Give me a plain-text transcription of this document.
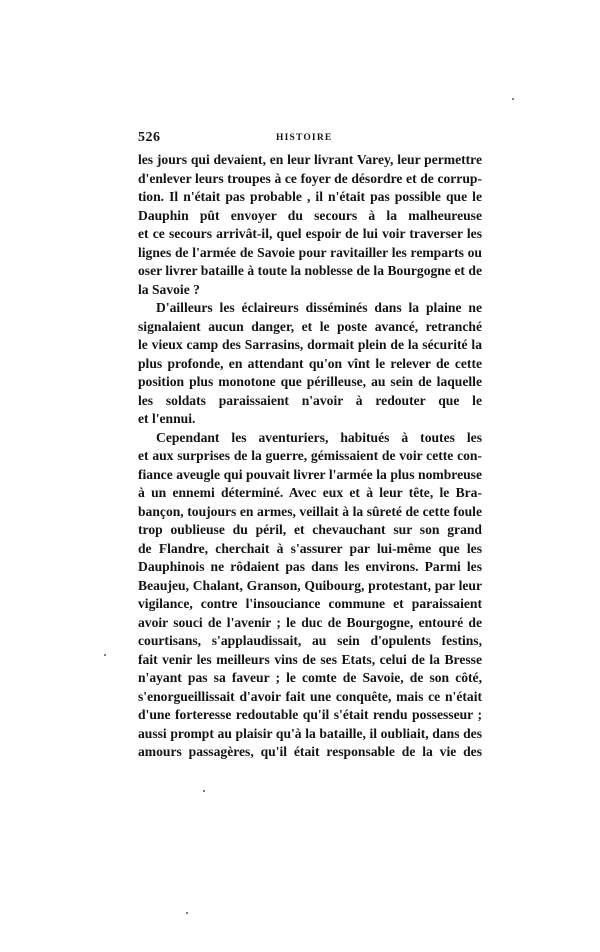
526	HISTOIRE
les jours qui devaient, en leur livrant Varey, leur permettre
d'enlever leurs troupes à ce foyer de désordre et de corrup-
tion. Il n'était pas probable , il n'était pas possible que le
Dauphin pût envoyer du secours à la malheureuse
et ce secours arrivât-il, quel espoir de lui voir traverser les
lignes de l'armée de Savoie pour ravitailler les remparts ou
oser livrer bataille à toute la noblesse de la Bourgogne et de
la Savoie ?
D'ailleurs les éclaireurs disséminés dans la plaine ne
signalaient aucun danger, et le poste avancé, retranché
le vieux camp des Sarrasins, dormait plein de la sécurité la
plus profonde, en attendant qu'on vînt le relever de cette
position plus monotone que périlleuse, au sein de laquelle
les soldats paraissaient n'avoir à redouter que le
et l'ennui.
Cependant les aventuriers, habitués à toutes les
et aux surprises de la guerre, gémissaient de voir cette con-
fiance aveugle qui pouvait livrer l'armée la plus nombreuse
à un ennemi déterminé. Avec eux et à leur tête, le Bra-
bançon, toujours en armes, veillait à la sûreté de cette foule
trop oublieuse du péril, et chevauchant sur son grand
de Flandre, cherchait à s'assurer par lui-même que les
Dauphinois ne rôdaient pas dans les environs. Parmi les
Beaujeu, Chalant, Granson, Quibourg, protestant, par leur
vigilance, contre l'insouciance commune et paraissaient
avoir souci de l'avenir ; le duc de Bourgogne, entouré de
courtisans, s'applaudissait, au sein d'opulents festins,
fait venir les meilleurs vins de ses Etats, celui de la Bresse
n'ayant pas sa faveur ; le comte de Savoie, de son côté,
s'enorgueillissait d'avoir fait une conquête, mais ce n'était
d'une forteresse redoutable qu'il s'était rendu possesseur ;
aussi prompt au plaisir qu'à la bataille, il oubliait, dans des
amours passagères, qu'il était responsable de la vie des
